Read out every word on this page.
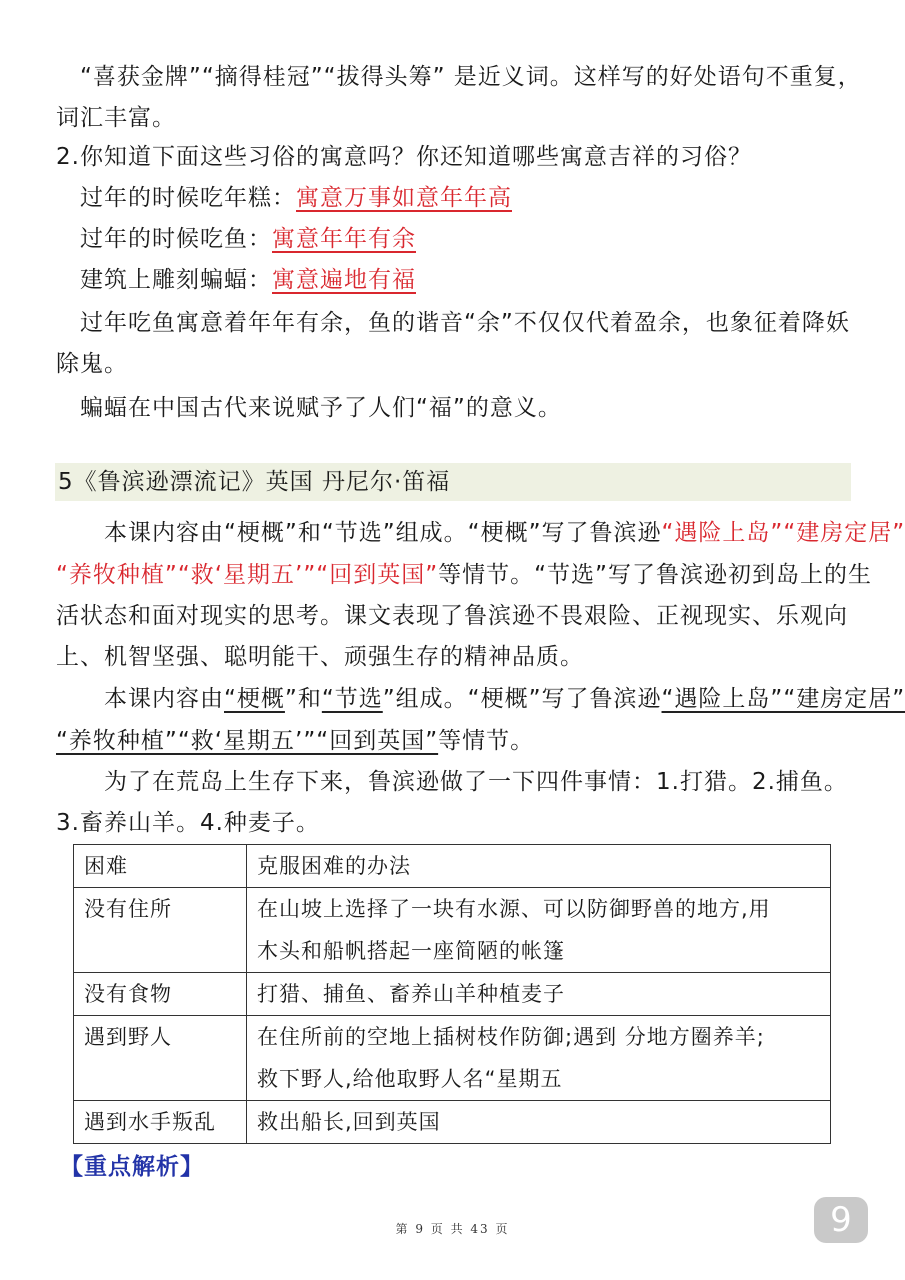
“喜获金牌”“摘得桂冠”“拔得头筹” 是近义词。这样写的好处语句不重复，
词汇丰富。
2.你知道下面这些习俗的寓意吗？你还知道哪些寓意吉祥的习俗？
过年的时候吃年糕：寓意万事如意年年高
过年的时候吃鱼：寓意年年有余
建筑上雕刻蝙蝠：寓意遍地有福
过年吃鱼寓意着年年有余，鱼的谐音“余”不仅仅代着盈余，也象征着降妖
除鬼。
蝙蝠在中国古代来说赋予了人们“福”的意义。
5《鲁滨逊漂流记》英国 丹尼尔·笛福
本课内容由“梗概”和“节选”组成。“梗概”写了鲁滨逊“遇险上岛”“建房定居”
“养牧种植”“救‘星期五’”“回到英国”等情节。“节选”写了鲁滨逊初到岛上的生
活状态和面对现实的思考。课文表现了鲁滨逊不畏艰险、正视现实、乐观向
上、机智坚强、聪明能干、顽强生存的精神品质。
本课内容由“梗概”和“节选”组成。“梗概”写了鲁滨逊“遇险上岛”“建房定居”
“养牧种植”“救‘星期五’”“回到英国”等情节。
为了在荒岛上生存下来，鲁滨逊做了一下四件事情：1.打猎。2.捕鱼。
3.畜养山羊。4.种麦子。
困难	克服困难的办法
没有住所	在山坡上选择了一块有水源、可以防御野兽的地方,用
木头和船帆搭起一座简陋的帐篷

没有食物	打猎、捕鱼、畜养山羊种植麦子

遇到野人	在住所前的空地上插树枝作防御;遇到 分地方圈养羊;
救下野人,给他取野人名“星期五

遇到水手叛乱	救出船长,回到英国
【重点解析】
第 9 页 共 43 页	9
